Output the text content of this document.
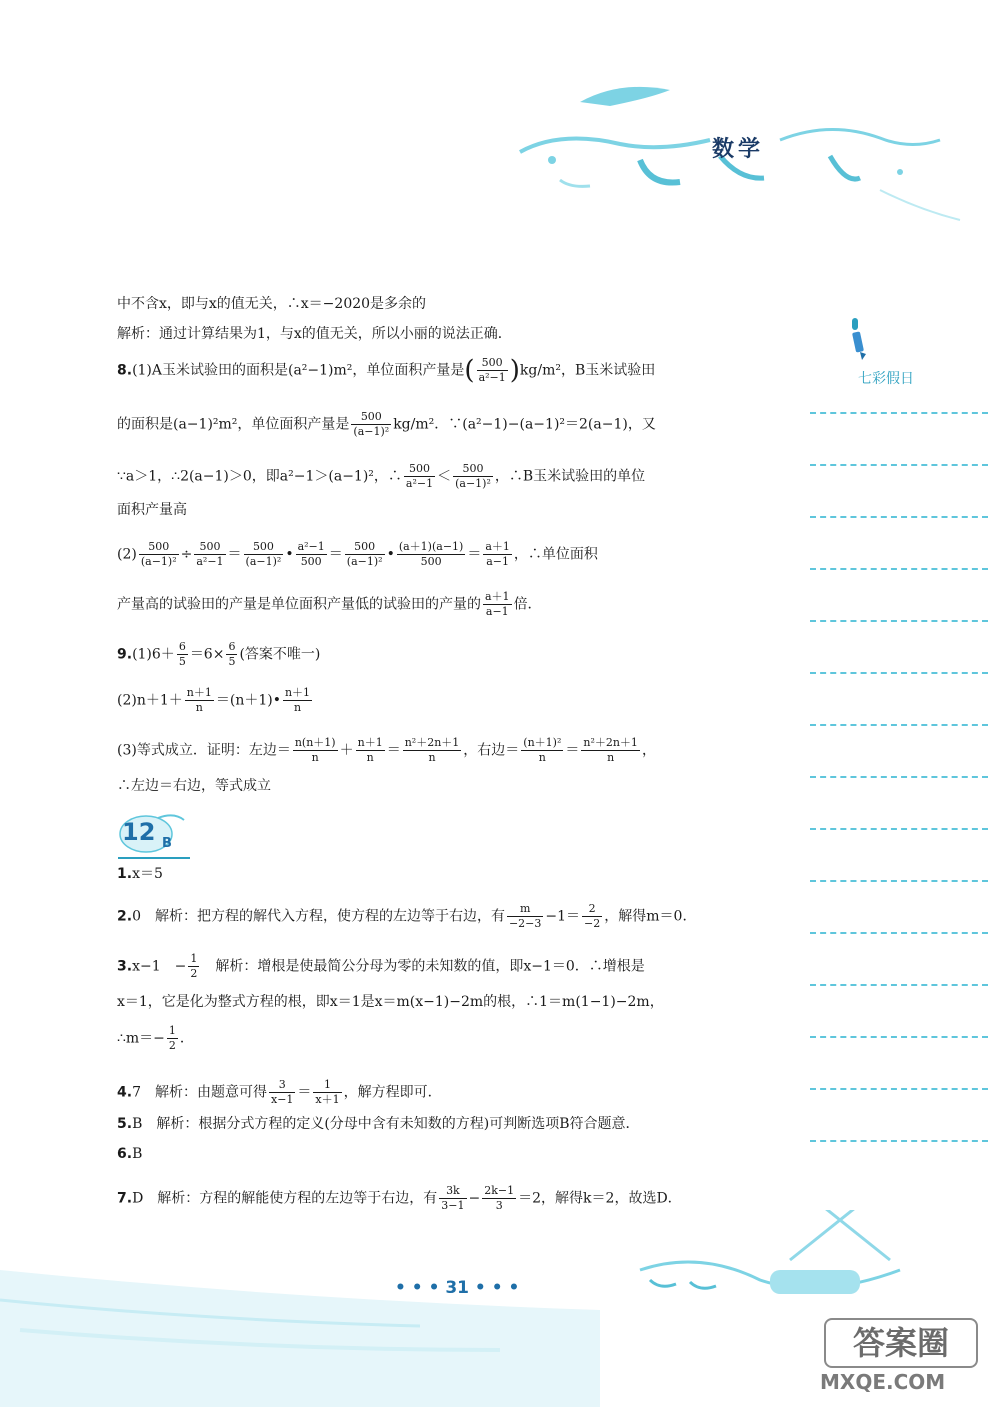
数学
七彩假日
中不含x，即与x的值无关，∴x＝−2020是多余的
解析：通过计算结果为1，与x的值无关，所以小丽的说法正确．
8.(1)A玉米试验田的面积是(a²−1)m²，单位面积产量是( $\frac{500}{\text{a²−1}} )kg/m^2$，B玉米试验田
的面积是(a−1)²m²，单位面积产量是 $\frac{500}{\text{(a−1)²}} kg/m^2$．∵(a²−1)−(a−1)²＝2(a−1)，又
∵a＞1，∴2(a−1)＞0，即a²−1＞(a−1)²，∴ $\frac{500}{\text{a²−1}} < \frac{500}{\text{(a−1)²}}$ ，∴B玉米试验田的单位
面积产量高
$(2) \frac{500}{\text{(a−1)²}} \div \frac{500}{\text{a²−1}} = \frac{500}{\text{(a−1)²}}$ • $\frac{\text{a²−1}}{500} = \frac{500}{\text{(a−1)²}}$ • $\frac{(a+1)(a-1)}{500} = \frac{a+1}{a-1}$ ，∴单位面积
产量高的试验田的产量是单位面积产量低的试验田的产量的 $\frac{a+1}{a-1}$ 倍．
$9.(1)6+ \frac{6}{5} =6\times \frac{6}{5}$ (答案不唯一)
$(2)n+1+ \frac{n+1}{n}$ ＝(n＋1)• $\frac{n+1}{n}$
(3)等式成立．证明：左边＝ $\frac{n(n+1)}{n} + \frac{n+1}{n} = \frac{\text{n²＋2n＋1}}{n}$ ，右边＝ $\frac{\text{(n＋1)²}}{n} = \frac{\text{n²＋2n＋1}}{n}$ ，
∴左边＝右边，等式成立
1.x＝5
2.0　解析：把方程的解代入方程，使方程的左边等于右边，有 $\frac{m}{-2-3} -1= \frac{2}{-2}$ ，解得m＝0．
3.x−1　− $\frac{1}{2}$ 　解析：增根是使最简公分母为零的未知数的值，即x−1＝0．∴增根是
x＝1，它是化为整式方程的根，即x＝1是x＝m(x−1)−2m的根，∴1＝m(1−1)−2m，
∴m＝− $\frac{1}{2}$ ．
4.7　解析：由题意可得 $\frac{3}{x-1} = \frac{1}{x+1}$ ，解方程即可．
5.B　解析：根据分式方程的定义(分母中含有未知数的方程)可判断选项B符合题意．
6.B
7.D　解析：方程的解能使方程的左边等于右边，有 $\frac{3k}{3-1} - \frac{2k-1}{3} =2$，解得k＝2，故选D．
12 B
• • • 31 • • •
答案圈
MXQE.COM
